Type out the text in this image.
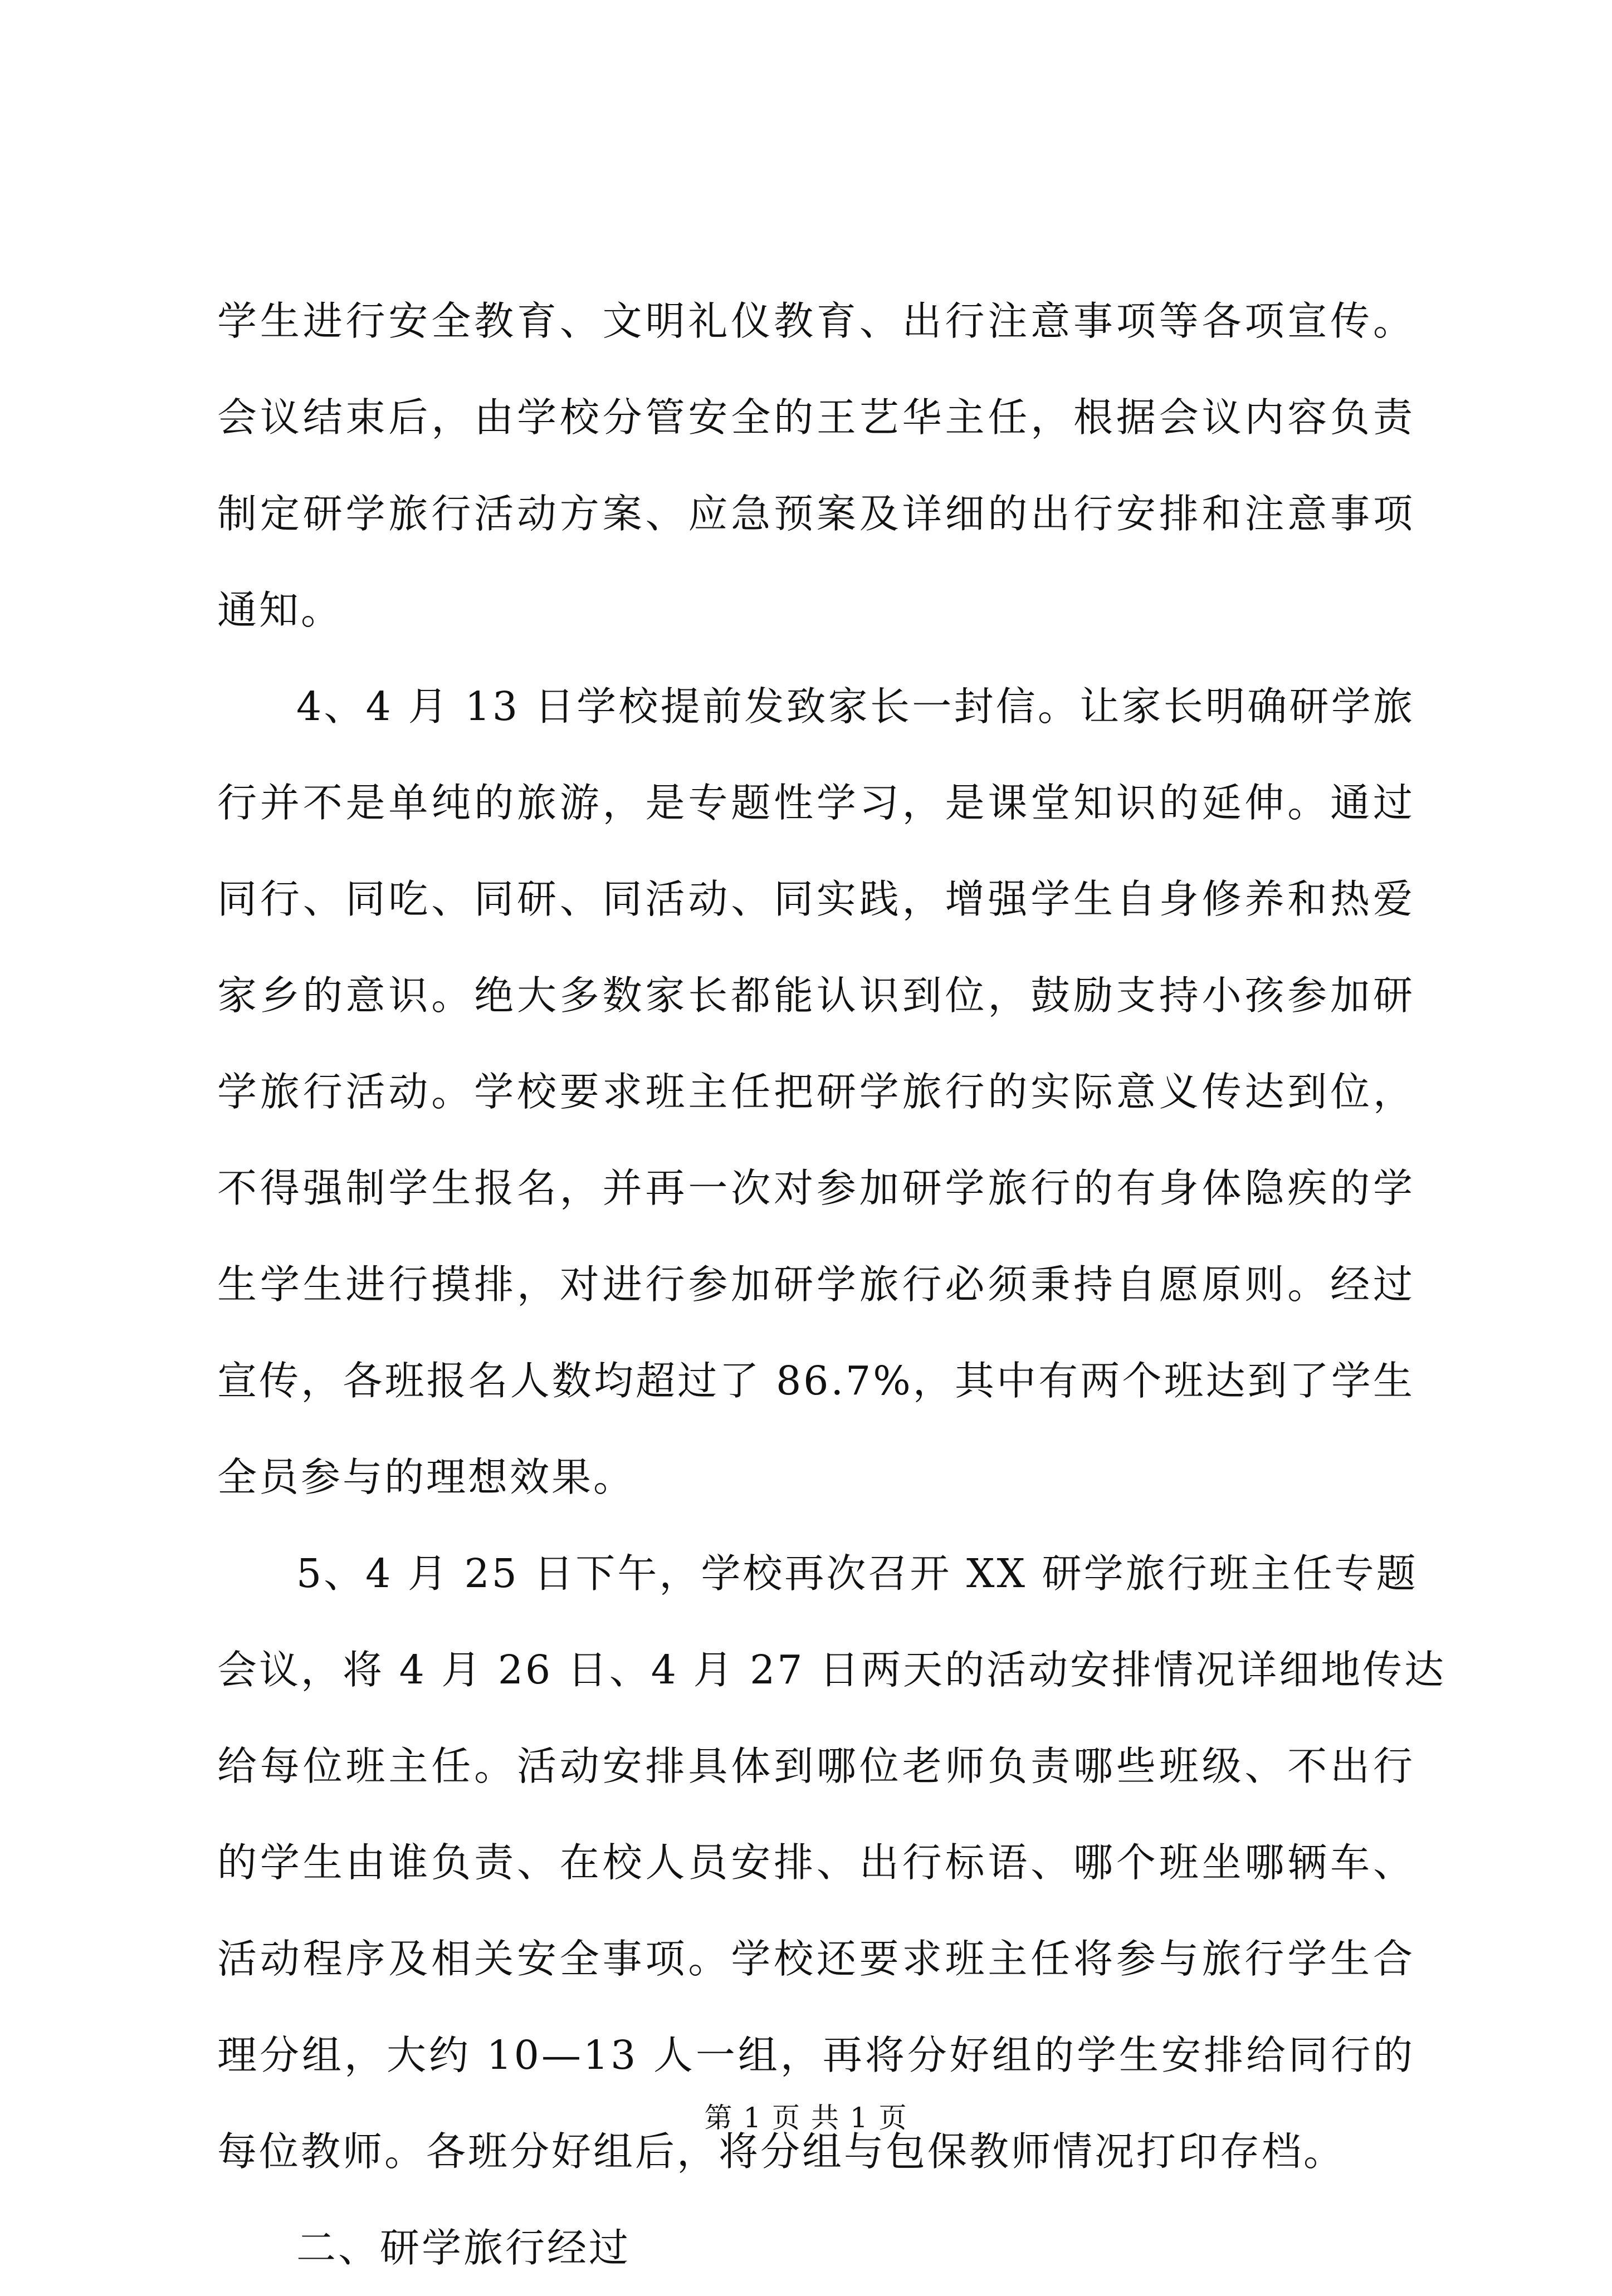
学生进行安全教育、文明礼仪教育、出行注意事项等各项宣传。
会议结束后，由学校分管安全的王艺华主任，根据会议内容负责
制定研学旅行活动方案、应急预案及详细的出行安排和注意事项
通知。
4、4 月 13 日学校提前发致家长一封信。让家长明确研学旅
行并不是单纯的旅游，是专题性学习，是课堂知识的延伸。通过
同行、同吃、同研、同活动、同实践，增强学生自身修养和热爱
家乡的意识。绝大多数家长都能认识到位，鼓励支持小孩参加研
学旅行活动。学校要求班主任把研学旅行的实际意义传达到位，
不得强制学生报名，并再一次对参加研学旅行的有身体隐疾的学
生学生进行摸排，对进行参加研学旅行必须秉持自愿原则。经过
宣传，各班报名人数均超过了 86.7%，其中有两个班达到了学生
全员参与的理想效果。
5、4 月 25 日下午，学校再次召开 XX 研学旅行班主任专题
会议，将 4 月 26 日、4 月 27 日两天的活动安排情况详细地传达
给每位班主任。活动安排具体到哪位老师负责哪些班级、不出行
的学生由谁负责、在校人员安排、出行标语、哪个班坐哪辆车、
活动程序及相关安全事项。学校还要求班主任将参与旅行学生合
理分组，大约 10—13 人一组，再将分好组的学生安排给同行的
每位教师。各班分好组后，将分组与包保教师情况打印存档。
二、研学旅行经过
第 1 页 共 1 页
